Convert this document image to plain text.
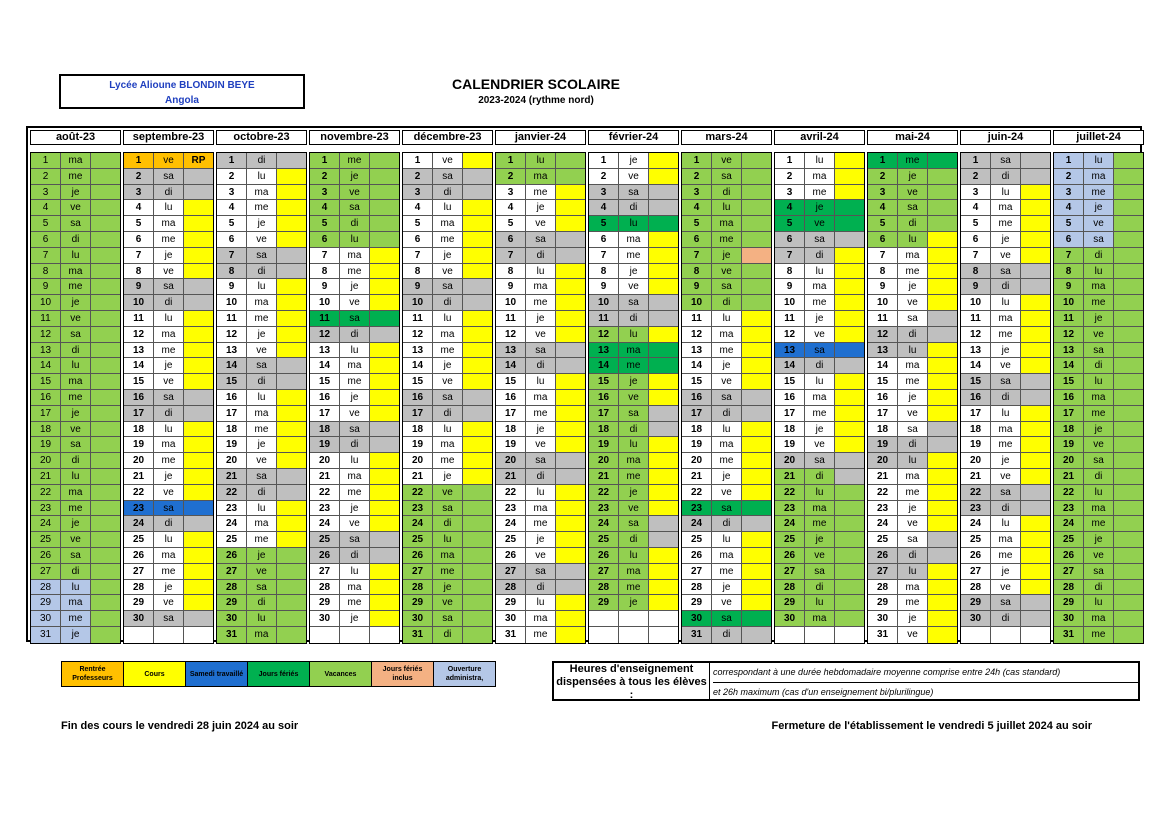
Lycée Alioune BLONDIN BEYE
Angola
CALENDRIER SCOLAIRE
2023-2024 (rythme nord)
août-23
1	ma
2	me
3	je
4	ve
5	sa
6	di
7	lu
8	ma
9	me
10	je
11	ve
12	sa
13	di
14	lu
15	ma
16	me
17	je
18	ve
19	sa
20	di
21	lu
22	ma
23	me
24	je
25	ve
26	sa
27	di
28	lu
29	ma
30	me
31	je
septembre-23
1	ve	RP
2	sa
3	di
4	lu
5	ma
6	me
7	je
8	ve
9	sa
10	di
11	lu
12	ma
13	me
14	je
15	ve
16	sa
17	di
18	lu
19	ma
20	me
21	je
22	ve
23	sa
24	di
25	lu
26	ma
27	me
28	je
29	ve
30	sa
octobre-23
1	di
2	lu
3	ma
4	me
5	je
6	ve
7	sa
8	di
9	lu
10	ma
11	me
12	je
13	ve
14	sa
15	di
16	lu
17	ma
18	me
19	je
20	ve
21	sa
22	di
23	lu
24	ma
25	me
26	je
27	ve
28	sa
29	di
30	lu
31	ma
novembre-23
1	me
2	je
3	ve
4	sa
5	di
6	lu
7	ma
8	me
9	je
10	ve
11	sa
12	di
13	lu
14	ma
15	me
16	je
17	ve
18	sa
19	di
20	lu
21	ma
22	me
23	je
24	ve
25	sa
26	di
27	lu
28	ma
29	me
30	je
décembre-23
1	ve
2	sa
3	di
4	lu
5	ma
6	me
7	je
8	ve
9	sa
10	di
11	lu
12	ma
13	me
14	je
15	ve
16	sa
17	di
18	lu
19	ma
20	me
21	je
22	ve
23	sa
24	di
25	lu
26	ma
27	me
28	je
29	ve
30	sa
31	di
janvier-24
1	lu
2	ma
3	me
4	je
5	ve
6	sa
7	di
8	lu
9	ma
10	me
11	je
12	ve
13	sa
14	di
15	lu
16	ma
17	me
18	je
19	ve
20	sa
21	di
22	lu
23	ma
24	me
25	je
26	ve
27	sa
28	di
29	lu
30	ma
31	me
février-24
1	je
2	ve
3	sa
4	di
5	lu
6	ma
7	me
8	je
9	ve
10	sa
11	di
12	lu
13	ma
14	me
15	je
16	ve
17	sa
18	di
19	lu
20	ma
21	me
22	je
23	ve
24	sa
25	di
26	lu
27	ma
28	me
29	je
mars-24
1	ve
2	sa
3	di
4	lu
5	ma
6	me
7	je
8	ve
9	sa
10	di
11	lu
12	ma
13	me
14	je
15	ve
16	sa
17	di
18	lu
19	ma
20	me
21	je
22	ve
23	sa
24	di
25	lu
26	ma
27	me
28	je
29	ve
30	sa
31	di
avril-24
1	lu
2	ma
3	me
4	je
5	ve
6	sa
7	di
8	lu
9	ma
10	me
11	je
12	ve
13	sa
14	di
15	lu
16	ma
17	me
18	je
19	ve
20	sa
21	di
22	lu
23	ma
24	me
25	je
26	ve
27	sa
28	di
29	lu
30	ma
mai-24
1	me
2	je
3	ve
4	sa
5	di
6	lu
7	ma
8	me
9	je
10	ve
11	sa
12	di
13	lu
14	ma
15	me
16	je
17	ve
18	sa
19	di
20	lu
21	ma
22	me
23	je
24	ve
25	sa
26	di
27	lu
28	ma
29	me
30	je
31	ve
juin-24
1	sa
2	di
3	lu
4	ma
5	me
6	je
7	ve
8	sa
9	di
10	lu
11	ma
12	me
13	je
14	ve
15	sa
16	di
17	lu
18	ma
19	me
20	je
21	ve
22	sa
23	di
24	lu
25	ma
26	me
27	je
28	ve
29	sa
30	di
juillet-24
1	lu
2	ma
3	me
4	je
5	ve
6	sa
7	di
8	lu
9	ma
10	me
11	je
12	ve
13	sa
14	di
15	lu
16	ma
17	me
18	je
19	ve
20	sa
21	di
22	lu
23	ma
24	me
25	je
26	ve
27	sa
28	di
29	lu
30	ma
31	me
Rentrée Professeurs
Cours	Samedi travaillé	Jours fériés	Vacances
Jours fériés inclus
Ouverture administra,
Heures d'enseignement dispensées à tous les élèves :
correspondant à une durée hebdomadaire moyenne comprise entre 24h (cas standard)
et 26h maximum (cas d'un enseignement bi/plurilingue)
Fin des cours le vendredi 28 juin 2024 au soir	Fermeture de l'établissement le vendredi 5 juillet 2024 au soir
